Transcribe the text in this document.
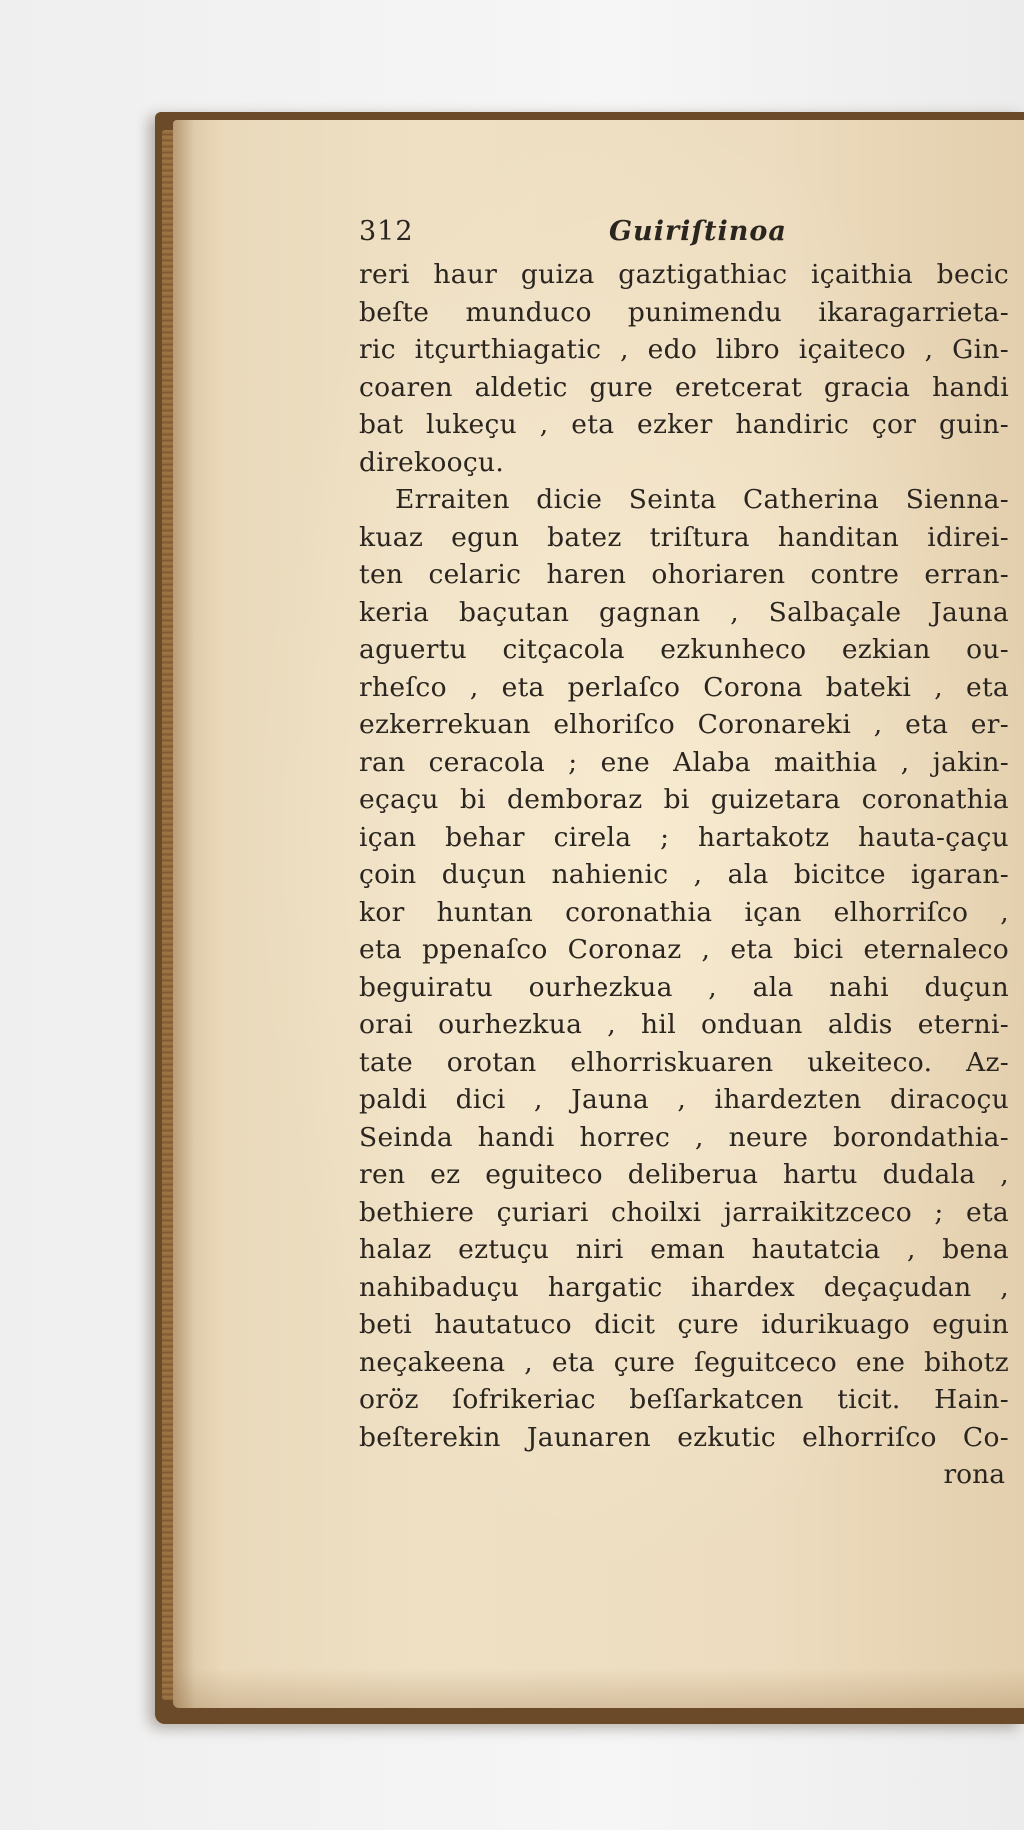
312	Guiriſtinoa
reri haur guiza gaztigathiac içaithia becic
beſte munduco punimendu ikaragarrieta-
ric itçurthiagatic , edo libro içaiteco , Gin-
coaren aldetic gure eretcerat gracia handi
bat lukeçu , eta ezker handiric çor guin-
direkooçu.
Erraiten dicie Seinta Catherina Sienna-
kuaz egun batez triſtura handitan idirei-
ten celaric haren ohoriaren contre erran-
keria baçutan gagnan , Salbaçale Jauna
aguertu citçacola ezkunheco ezkian ou-
rheſco , eta perlaſco Corona bateki , eta
ezkerrekuan elhoriſco Coronareki , eta er-
ran ceracola ; ene Alaba maithia , jakin-
eçaçu bi demboraz bi guizetara coronathia
içan behar cirela ; hartakotz hauta-çaçu
çoin duçun nahienic , ala bicitce igaran-
kor huntan coronathia içan elhorriſco ,
eta ppenaſco Coronaz , eta bici eternaleco
beguiratu ourhezkua , ala nahi duçun
orai ourhezkua , hil onduan aldis eterni-
tate orotan elhorriskuaren ukeiteco. Az-
paldi dici , Jauna , ihardezten diracoçu
Seinda handi horrec , neure borondathia-
ren ez eguiteco deliberua hartu dudala ,
bethiere çuriari choilxi jarraikitzceco ; eta
halaz eztuçu niri eman hautatcia , bena
nahibaduçu hargatic ihardex deçaçudan ,
beti hautatuco dicit çure idurikuago eguin
neçakeena , eta çure ſeguitceco ene bihotz
oröz ſofrikeriac beſſarkatcen ticit. Hain-
beſterekin Jaunaren ezkutic elhorriſco Co-
rona
